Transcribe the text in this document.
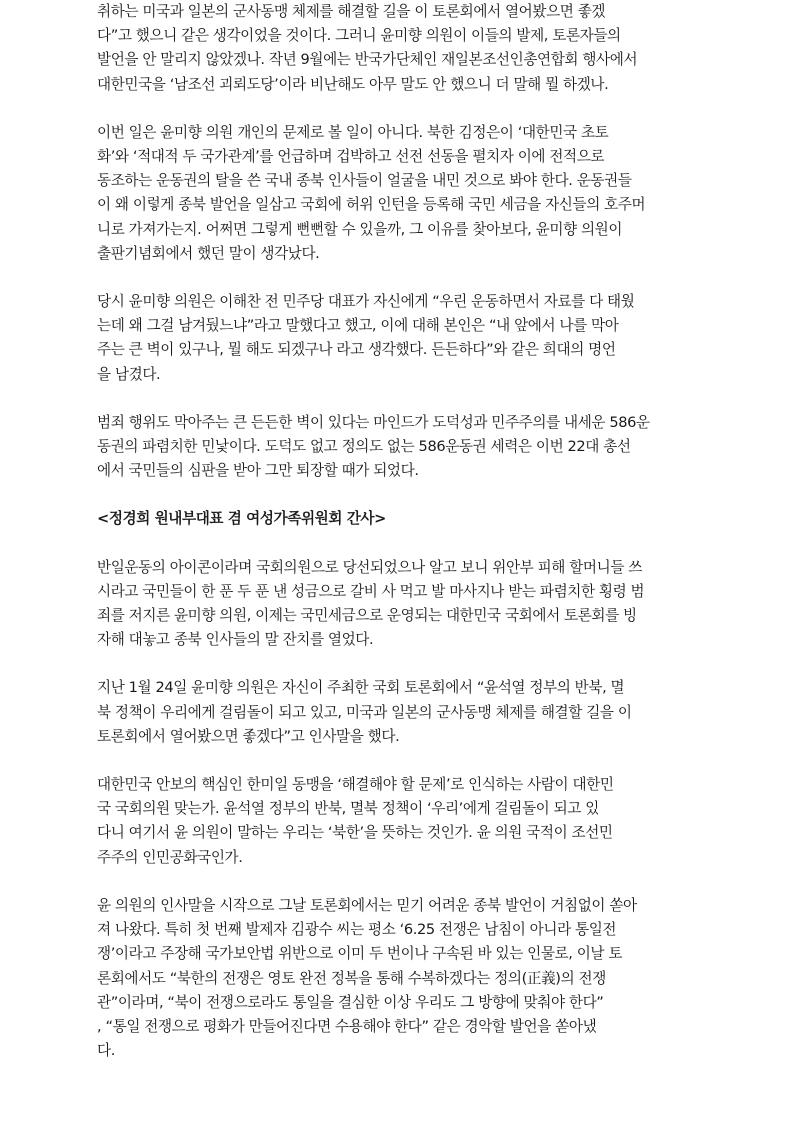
취하는 미국과 일본의 군사동맹 체제를 해결할 길을 이 토론회에서 열어봤으면 좋겠
다”고 했으니 같은 생각이었을 것이다. 그러니 윤미향 의원이 이들의 발제, 토론자들의
발언을 안 말리지 않았겠나. 작년 9월에는 반국가단체인 재일본조선인총연합회 행사에서
대한민국을 ‘남조선 괴뢰도당’이라 비난해도 아무 말도 안 했으니 더 말해 뭘 하겠나.
이번 일은 윤미향 의원 개인의 문제로 볼 일이 아니다. 북한 김정은이 ‘대한민국 초토
화’와 ‘적대적 두 국가관계’를 언급하며 겁박하고 선전 선동을 펼치자 이에 전적으로
동조하는 운동권의 탈을 쓴 국내 종북 인사들이 얼굴을 내민 것으로 봐야 한다. 운동권들
이 왜 이렇게 종북 발언을 일삼고 국회에 허위 인턴을 등록해 국민 세금을 자신들의 호주머
니로 가져가는지. 어쩌면 그렇게 뻔뻔할 수 있을까, 그 이유를 찾아보다, 윤미향 의원이
출판기념회에서 했던 말이 생각났다.
당시 윤미향 의원은 이해찬 전 민주당 대표가 자신에게 “우린 운동하면서 자료를 다 태웠
는데 왜 그걸 남겨뒀느냐”라고 말했다고 했고, 이에 대해 본인은 “내 앞에서 나를 막아
주는 큰 벽이 있구나, 뭘 해도 되겠구나 라고 생각했다. 든든하다”와 같은 희대의 명언
을 남겼다.
범죄 행위도 막아주는 큰 든든한 벽이 있다는 마인드가 도덕성과 민주주의를 내세운 586운
동권의 파렴치한 민낯이다. 도덕도 없고 정의도 없는 586운동권 세력은 이번 22대 총선
에서 국민들의 심판을 받아 그만 퇴장할 때가 되었다.
<정경희 원내부대표 겸 여성가족위원회 간사>
반일운동의 아이콘이라며 국회의원으로 당선되었으나 알고 보니 위안부 피해 할머니들 쓰
시라고 국민들이 한 푼 두 푼 낸 성금으로 갈비 사 먹고 발 마사지나 받는 파렴치한 횡령 범
죄를 저지른 윤미향 의원, 이제는 국민세금으로 운영되는 대한민국 국회에서 토론회를 빙
자해 대놓고 종북 인사들의 말 잔치를 열었다.
지난 1월 24일 윤미향 의원은 자신이 주최한 국회 토론회에서 “윤석열 정부의 반북, 멸
북 정책이 우리에게 걸림돌이 되고 있고, 미국과 일본의 군사동맹 체제를 해결할 길을 이
토론회에서 열어봤으면 좋겠다”고 인사말을 했다.
대한민국 안보의 핵심인 한미일 동맹을 ‘해결해야 할 문제’로 인식하는 사람이 대한민
국 국회의원 맞는가. 윤석열 정부의 반북, 멸북 정책이 ‘우리’에게 걸림돌이 되고 있
다니 여기서 윤 의원이 말하는 우리는 ‘북한’을 뜻하는 것인가. 윤 의원 국적이 조선민
주주의 인민공화국인가.
윤 의원의 인사말을 시작으로 그날 토론회에서는 믿기 어려운 종북 발언이 거침없이 쏟아
져 나왔다. 특히 첫 번째 발제자 김광수 씨는 평소 ‘6.25 전쟁은 남침이 아니라 통일전
쟁’이라고 주장해 국가보안법 위반으로 이미 두 번이나 구속된 바 있는 인물로, 이날 토
론회에서도 “북한의 전쟁은 영토 완전 정복을 통해 수복하겠다는 정의(正義)의 전쟁
관”이라며, “북이 전쟁으로라도 통일을 결심한 이상 우리도 그 방향에 맞춰야 한다”
, “통일 전쟁으로 평화가 만들어진다면 수용해야 한다” 같은 경악할 발언을 쏟아냈
다.
